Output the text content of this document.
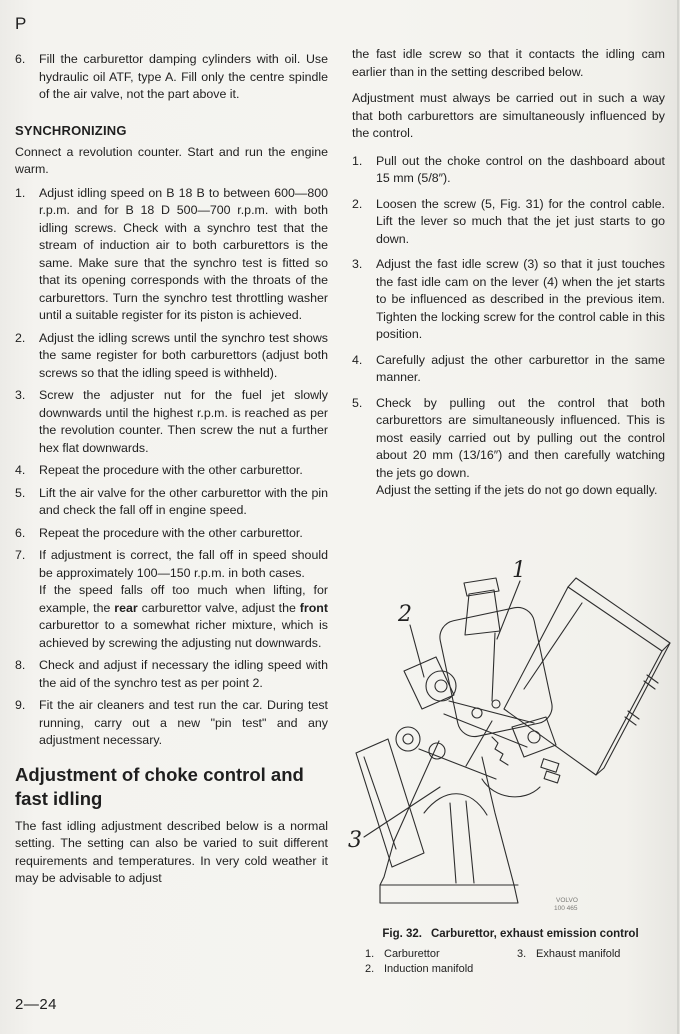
P
6.	Fill the carburettor damping cylinders with oil. Use hydraulic oil ATF, type A. Fill only the centre spindle of the air valve, not the part above it.

SYNCHRONIZING

Connect a revolution counter. Start and run the engine warm.

1.	Adjust idling speed on B 18 B to between 600—800 r.p.m. and for B 18 D 500—700 r.p.m. with both idling screws. Check with a synchro test that the stream of induction air to both carburettors is the same. Make sure that the synchro test is fitted so that its opening corresponds with the throats of the carburettors. Turn the synchro test throttling washer until a suitable register for its piston is achieved.

2.	Adjust the idling screws until the synchro test shows the same register for both carburettors (adjust both screws so that the idling speed is withheld).

3.	Screw the adjuster nut for the fuel jet slowly downwards until the highest r.p.m. is reached as per the revolution counter. Then screw the nut a further hex flat downwards.

4.	Repeat the procedure with the other carburettor.

5.	Lift the air valve for the other carburettor with the pin and check the fall off in engine speed.

6.	Repeat the procedure with the other carburettor.

7.	If adjustment is correct, the fall off in speed should be approximately 100—150 r.p.m. in both cases.

If the speed falls off too much when lifting, for example, the rear carburettor valve, adjust the front carburettor to a somewhat richer mixture, which is achieved by screwing the adjusting nut downwards.

8.	Check and adjust if necessary the idling speed with the aid of the synchro test as per point 2.

9.	Fit the air cleaners and test run the car. During test running, carry out a new "pin test" and any adjustment necessary.

Adjustment of choke control and fast idling

The fast idling adjustment described below is a normal setting. The setting can also be varied to suit different requirements and temperatures. In very cold weather it may be advisable to adjust

the fast idle screw so that it contacts the idling cam earlier than in the setting described below.

Adjustment must always be carried out in such a way that both carburettors are simultaneously influenced by the control.

1.	Pull out the choke control on the dashboard about 15 mm (5/8″).

2.	Loosen the screw (5, Fig. 31) for the control cable. Lift the lever so much that the jet just starts to go down.

3.	Adjust the fast idle screw (3) so that it just touches the fast idle cam on the lever (4) when the jet starts to be influenced as described in the previous item. Tighten the locking screw for the control cable in this position.

4.	Carefully adjust the other carburettor in the same manner.

5.	Check by pulling out the control that both carburettors are simultaneously influenced. This is most easily carried out by pulling out the control about 20 mm (13/16″) and then carefully watching the jets go down.

Adjust the setting if the jets do not go down equally.

1
2
3
VOLVO
100 465
Fig. 32. Carburettor, exhaust emission control
1. Carburettor
2. Induction manifold
3. Exhaust manifold
2—24
